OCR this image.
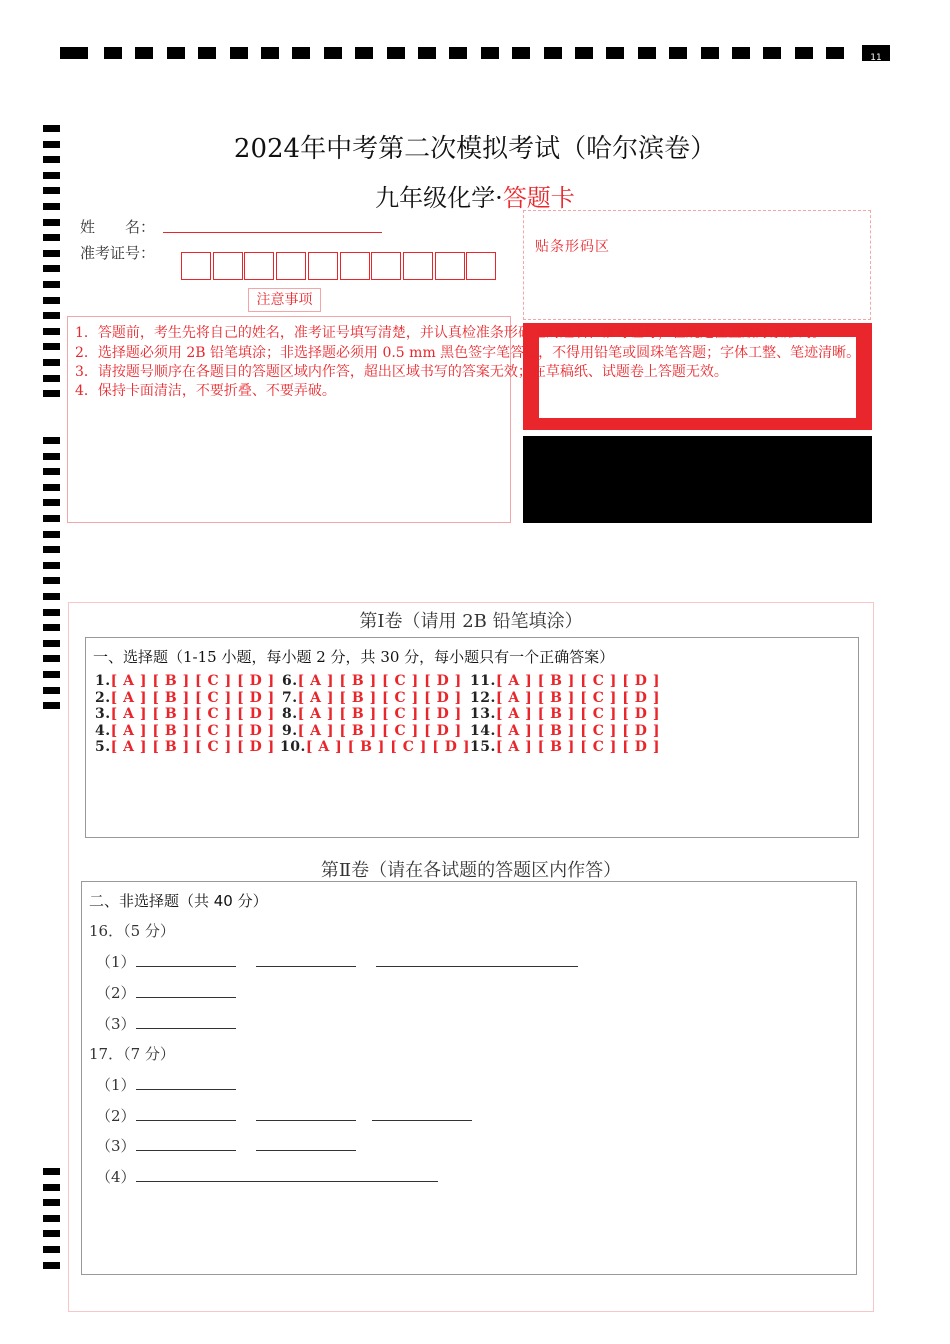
11
2024年中考第二次模拟考试（哈尔滨卷）
九年级化学·答题卡
姓　　名：
准考证号：	贴条形码区
注意事项
1．答题前，考生先将自己的姓名，准考证号填写清楚，并认真检准条形码上的姓名、准考证号，在规定位置贴好条形码。
2．选择题必须用 2B 铅笔填涂；非选择题必须用 0.5 mm 黑色签字笔答题，不得用铅笔或圆珠笔答题；字体工整、笔迹清晰。
3．请按题号顺序在各题目的答题区域内作答，超出区域书写的答案无效；在草稿纸、试题卷上答题无效。
4．保持卡面清洁，不要折叠、不要弄破。
第Ⅰ卷（请用 2B 铅笔填涂）
一、选择题（1-15 小题，每小题 2 分，共 30 分，每小题只有一个正确答案）
1.[ A ] [ B ] [ C ] [ D ]
2.[ A ] [ B ] [ C ] [ D ]
3.[ A ] [ B ] [ C ] [ D ]
4.[ A ] [ B ] [ C ] [ D ]
5.[ A ] [ B ] [ C ] [ D ]
6.[ A ] [ B ] [ C ] [ D ]
7.[ A ] [ B ] [ C ] [ D ]
8.[ A ] [ B ] [ C ] [ D ]
9.[ A ] [ B ] [ C ] [ D ]
10.[ A ] [ B ] [ C ] [ D ]
11.[ A ] [ B ] [ C ] [ D ]
12.[ A ] [ B ] [ C ] [ D ]
13.[ A ] [ B ] [ C ] [ D ]
14.[ A ] [ B ] [ C ] [ D ]
15.[ A ] [ B ] [ C ] [ D ]
第Ⅱ卷（请在各试题的答题区内作答）
二、非选择题（共 40 分）
16．（5 分）
（1）
（2）
（3）
17．（7 分）
（1）
（2）
（3）
（4）
